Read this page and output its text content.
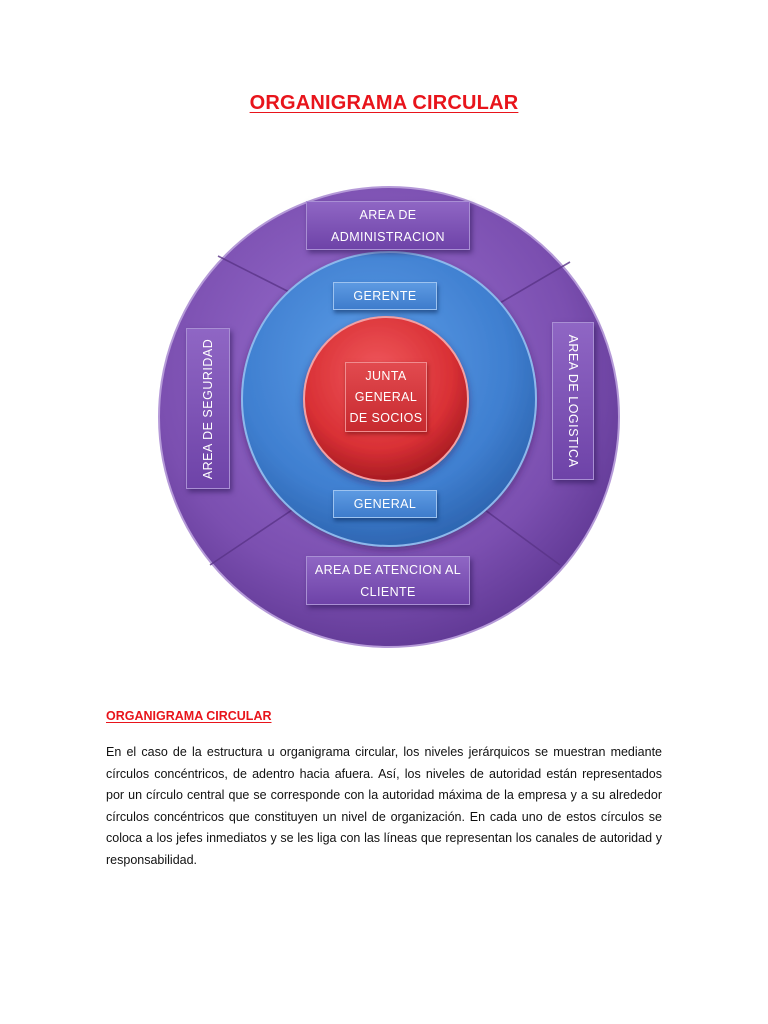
ORGANIGRAMA CIRCULAR
AREA DE ADMINISTRACION
AREA DE ATENCION AL CLIENTE
AREA DE SEGURIDAD	AREA DE LOGISTICA
GERENTE
GENERAL
JUNTA
GENERAL
DE SOCIOS
ORGANIGRAMA CIRCULAR
En el caso de la estructura u organigrama circular, los niveles jerárquicos se muestran mediante círculos concéntricos, de adentro hacia afuera. Así, los niveles de autoridad están representados por un círculo central que se corresponde con la autoridad máxima de la empresa y a su alrededor círculos concéntricos que constituyen un nivel de organización. En cada uno de estos círculos se coloca a los jefes inmediatos y se les liga con las líneas que representan los canales de autoridad y responsabilidad.
